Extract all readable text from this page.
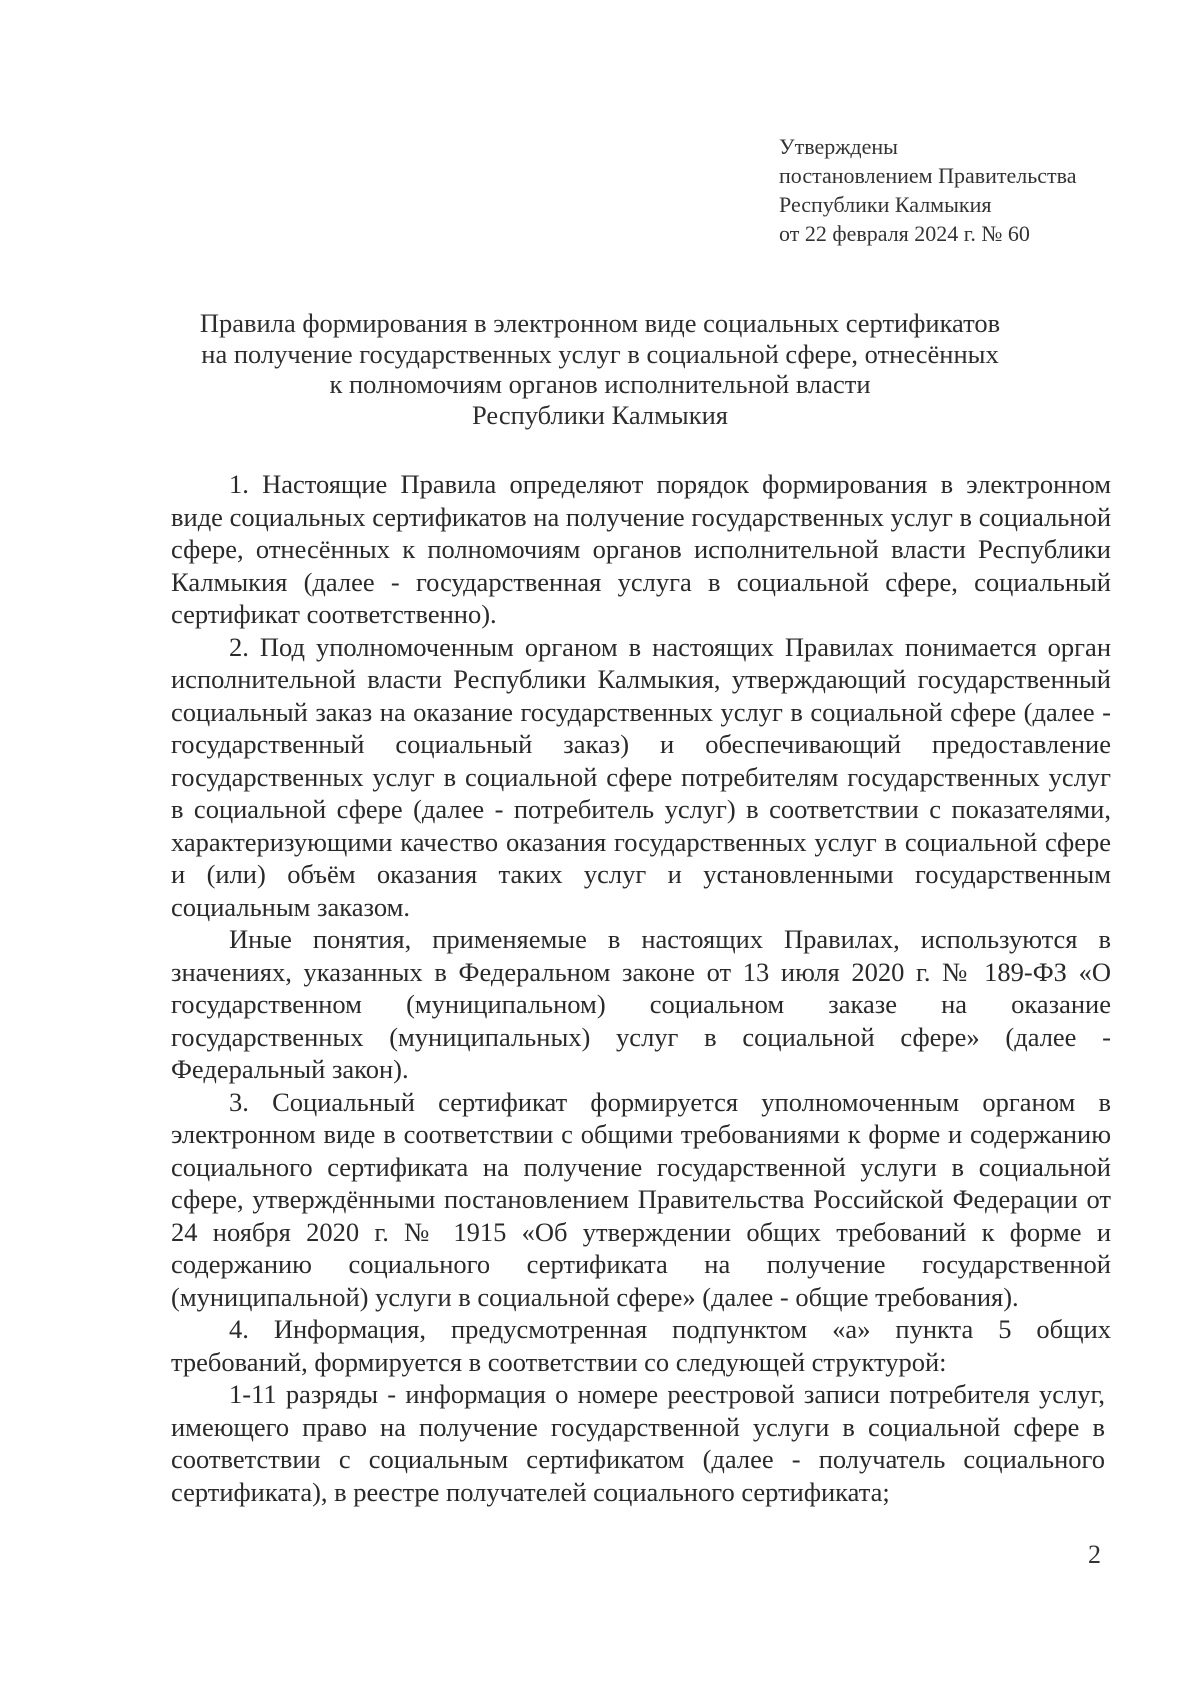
Утверждены
постановлением Правительства
Республики Калмыкия
от 22 февраля 2024 г. № 60
Правила формирования в электронном виде социальных сертификатов
на получение государственных услуг в социальной сфере, отнесённых
к полномочиям органов исполнительной власти
Республики Калмыкия

1. Настоящие Правила определяют порядок формирования в электронном виде социальных сертификатов на получение государственных услуг в социальной сфере, отнесённых к полномочиям органов исполнительной власти Республики Калмыкия (далее - государственная услуга в социальной сфере, социальный сертификат соответственно).

2. Под уполномоченным органом в настоящих Правилах понимается орган исполнительной власти Республики Калмыкия, утверждающий государственный социальный заказ на оказание государственных услуг в социальной сфере (далее - государственный социальный заказ) и обеспечивающий предоставление государственных услуг в социальной сфере потребителям государственных услуг в социальной сфере (далее - потребитель услуг) в соответствии с показателями, характеризующими качество оказания государственных услуг в социальной сфере и (или) объём оказания таких услуг и установленными государственным социальным заказом.

Иные понятия, применяемые в настоящих Правилах, используются в значениях, указанных в Федеральном законе от 13 июля 2020 г. № 189-ФЗ «О государственном (муниципальном) социальном заказе на оказание государственных (муниципальных) услуг в социальной сфере» (далее - Федеральный закон).

3. Социальный сертификат формируется уполномоченным органом в электронном виде в соответствии с общими требованиями к форме и содержанию социального сертификата на получение государственной услуги в социальной сфере, утверждёнными постановлением Правительства Российской Федерации от 24 ноября 2020 г. № 1915 «Об утверждении общих требований к форме и содержанию социального сертификата на получение государственной (муниципальной) услуги в социальной сфере» (далее - общие требования).

4. Информация, предусмотренная подпунктом «а» пункта 5 общих требований, формируется в соответствии со следующей структурой:

1-11 разряды - информация о номере реестровой записи потребителя услуг, имеющего право на получение государственной услуги в социальной сфере в соответствии с социальным сертификатом (далее - получатель социального сертификата), в реестре получателей социального сертификата;

2
